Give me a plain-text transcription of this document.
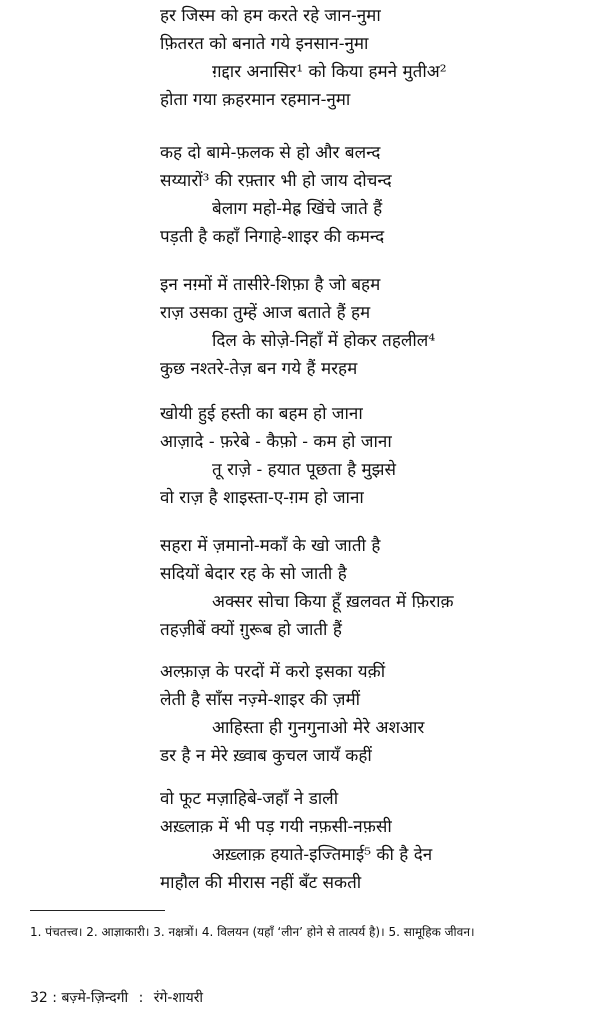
हर जिस्म को हम करते रहे जान-नुमा
फ़ितरत को बनाते गये इनसान-नुमा
ग़द्दार अनासिर¹ को किया हमने मुतीअ²
होता गया क़हरमान रहमान-नुमा
कह दो बामे-फ़लक से हो और बलन्द
सय्यारों³ की रफ़्तार भी हो जाय दोचन्द
बेलाग महो-मेह्र खिंचे जाते हैं
पड़ती है कहाँ निगाहे-शाइर की कमन्द
इन नग़्मों में तासीरे-शिफ़ा है जो बहम
राज़ उसका तुम्हें आज बताते हैं हम
दिल के सोज़े-निहाँ में होकर तहलील⁴
कुछ नश्तरे-तेज़ बन गये हैं मरहम
खोयी हुई हस्ती का बहम हो जाना
आज़ादे - फ़रेबे - कैफ़ो - कम हो जाना
तू राज़े - हयात पूछता है मुझसे
वो राज़ है शाइस्ता-ए-ग़म हो जाना
सहरा में ज़मानो-मकाँ के खो जाती है
सदियों बेदार रह के सो जाती है
अक्सर सोचा किया हूँ ख़लवत में फ़िराक़
तहज़ीबें क्यों ग़ुरूब हो जाती हैं
अल्फ़ाज़ के परदों में करो इसका यक़ीं
लेती है साँस नज़्मे-शाइर की ज़मीं
आहिस्ता ही गुनगुनाओ मेरे अशआर
डर है न मेरे ख़्वाब कुचल जायँ कहीं
वो फूट मज़ाहिबे-जहाँ ने डाली
अख़्लाक़ में भी पड़ गयी नफ़सी-नफ़सी
अख़्लाक़ हयाते-इज्तिमाई⁵ की है देन
माहौल की मीरास नहीं बँट सकती
1. पंचतत्त्व। 2. आज्ञाकारी। 3. नक्षत्रों। 4. विलयन (यहाँ ‘लीन’ होने से तात्पर्य है)। 5. सामूहिक जीवन।
32 : बज़्मे-ज़िन्दगी : रंगे-शायरी
